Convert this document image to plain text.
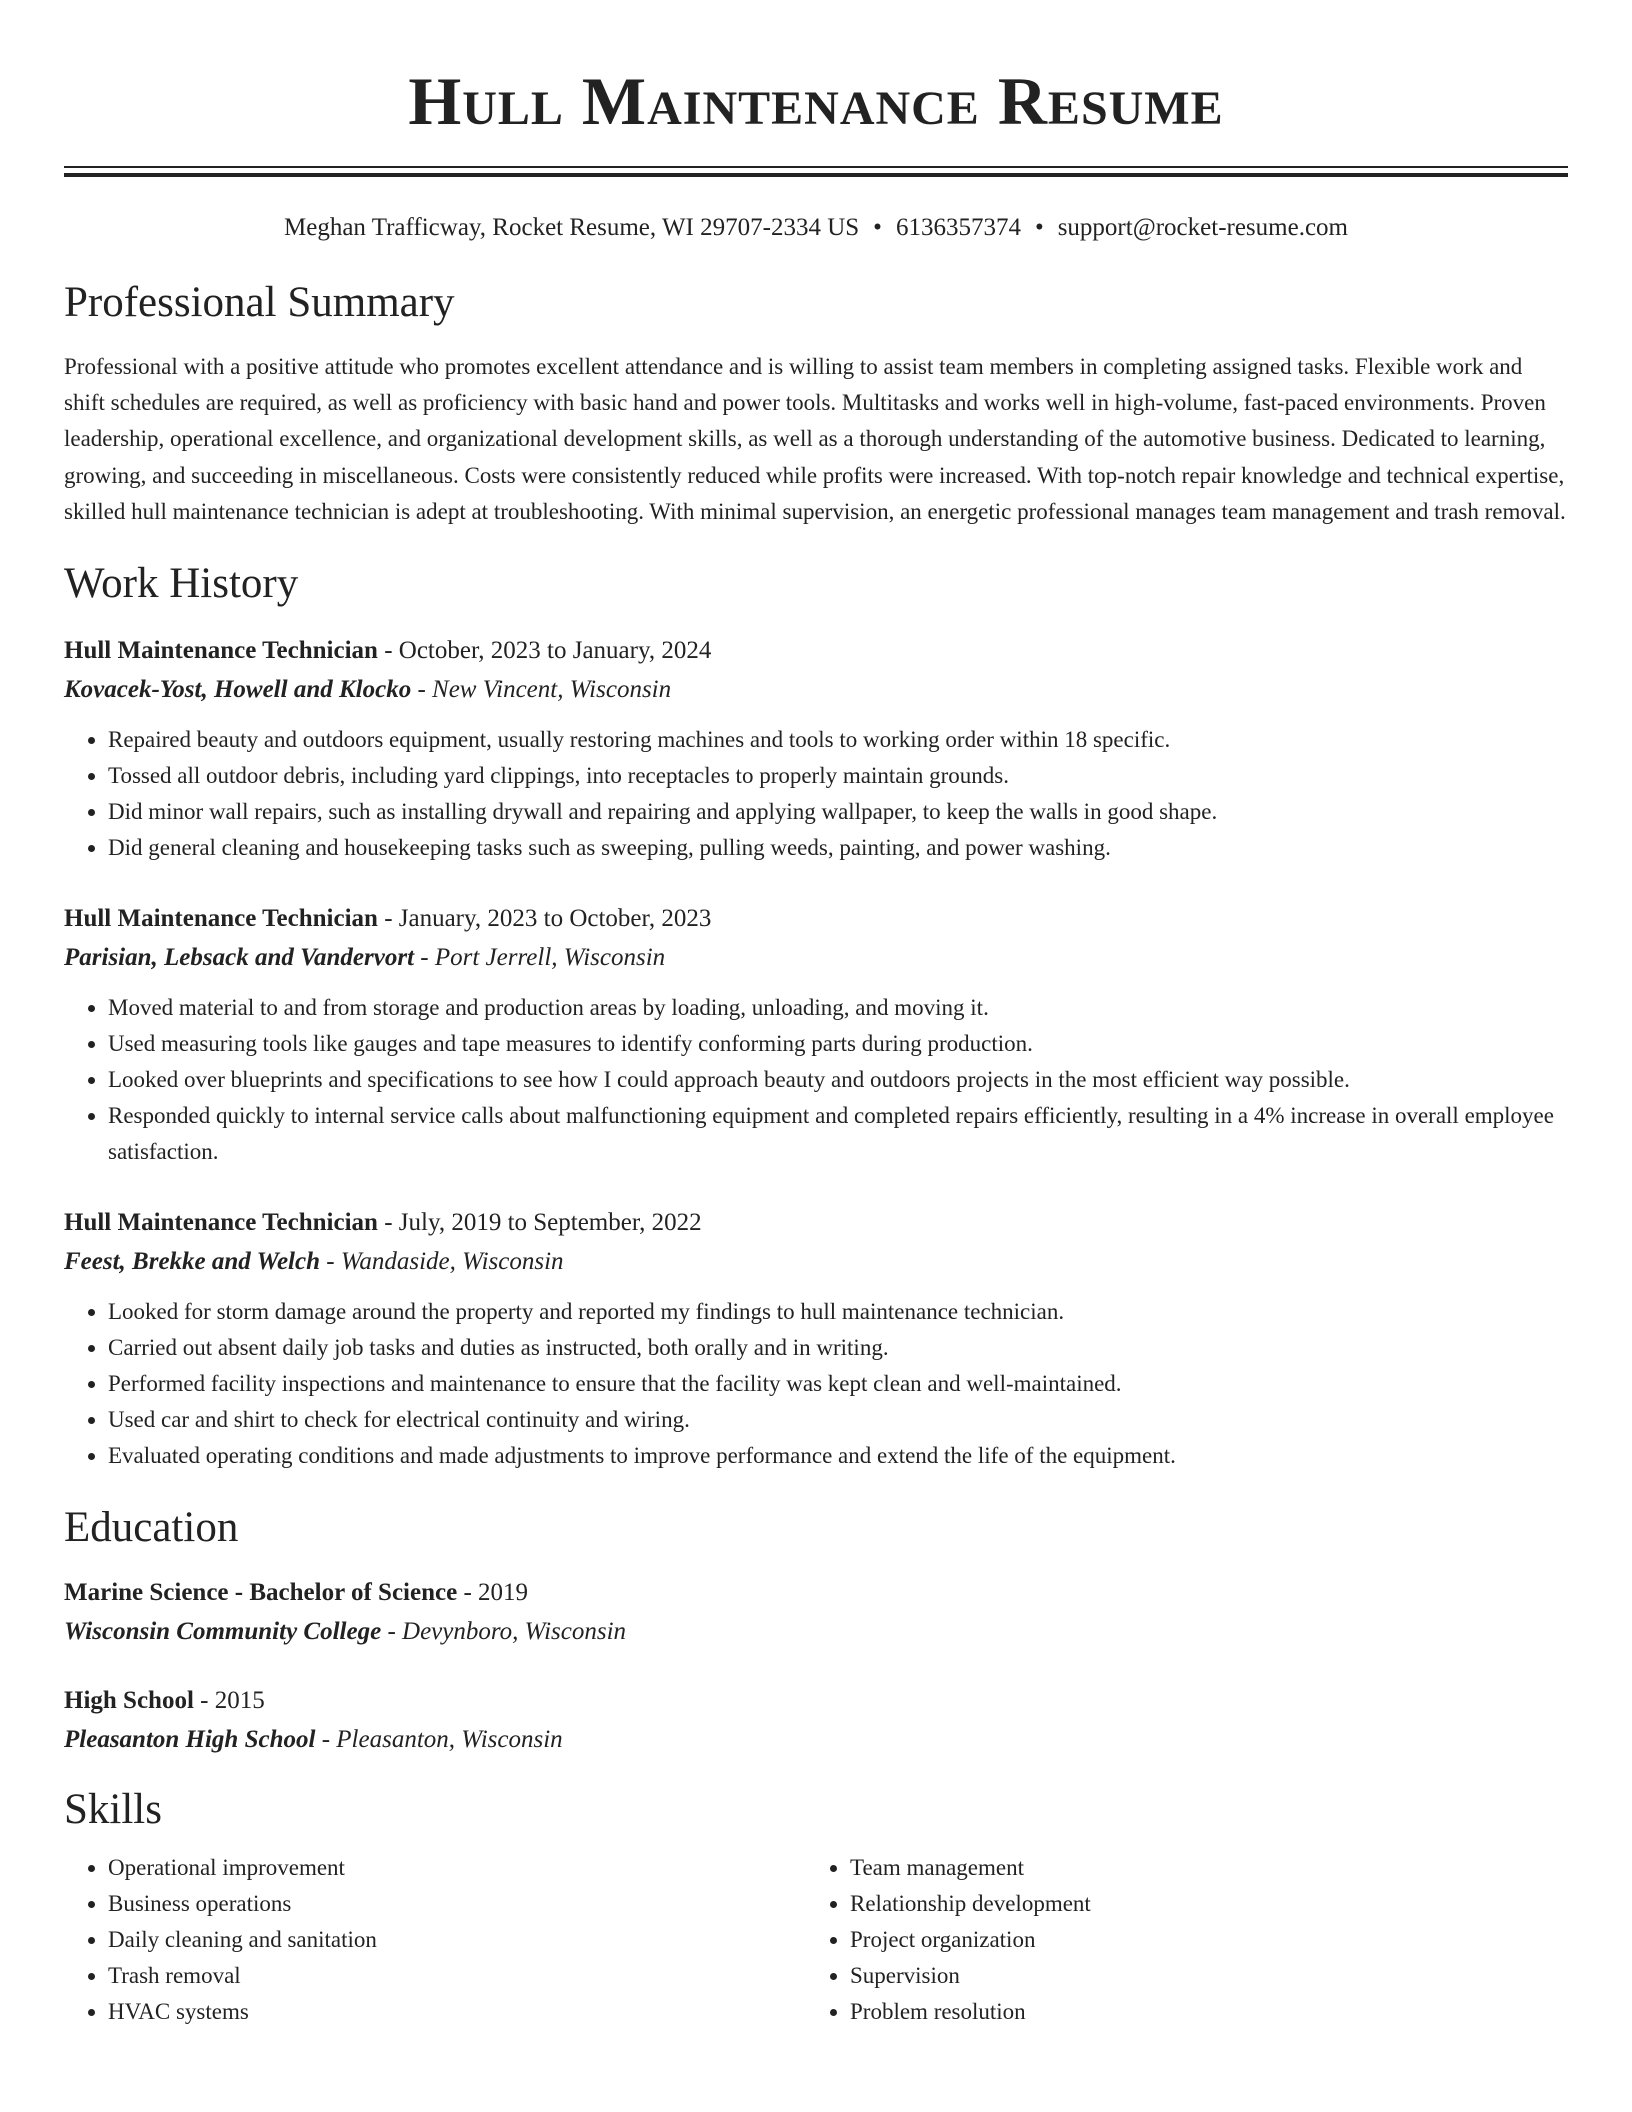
Hull Maintenance Resume
Meghan Trafficway, Rocket Resume, WI 29707-2334 US • 6136357374 • support@rocket-resume.com
Professional Summary
Professional with a positive attitude who promotes excellent attendance and is willing to assist team members in completing assigned tasks. Flexible work and shift schedules are required, as well as proficiency with basic hand and power tools. Multitasks and works well in high-volume, fast-paced environments. Proven leadership, operational excellence, and organizational development skills, as well as a thorough understanding of the automotive business. Dedicated to learning, growing, and succeeding in miscellaneous. Costs were consistently reduced while profits were increased. With top-notch repair knowledge and technical expertise, skilled hull maintenance technician is adept at troubleshooting. With minimal supervision, an energetic professional manages team management and trash removal.
Work History
Hull Maintenance Technician - October, 2023 to January, 2024
Kovacek-Yost, Howell and Klocko - New Vincent, Wisconsin
• Repaired beauty and outdoors equipment, usually restoring machines and tools to working order within 18 specific.
• Tossed all outdoor debris, including yard clippings, into receptacles to properly maintain grounds.
• Did minor wall repairs, such as installing drywall and repairing and applying wallpaper, to keep the walls in good shape.
• Did general cleaning and housekeeping tasks such as sweeping, pulling weeds, painting, and power washing.
Hull Maintenance Technician - January, 2023 to October, 2023
Parisian, Lebsack and Vandervort - Port Jerrell, Wisconsin
• Moved material to and from storage and production areas by loading, unloading, and moving it.
• Used measuring tools like gauges and tape measures to identify conforming parts during production.
• Looked over blueprints and specifications to see how I could approach beauty and outdoors projects in the most efficient way possible.
• Responded quickly to internal service calls about malfunctioning equipment and completed repairs efficiently, resulting in a 4% increase in overall employee satisfaction.
Hull Maintenance Technician - July, 2019 to September, 2022
Feest, Brekke and Welch - Wandaside, Wisconsin
• Looked for storm damage around the property and reported my findings to hull maintenance technician.
• Carried out absent daily job tasks and duties as instructed, both orally and in writing.
• Performed facility inspections and maintenance to ensure that the facility was kept clean and well-maintained.
• Used car and shirt to check for electrical continuity and wiring.
• Evaluated operating conditions and made adjustments to improve performance and extend the life of the equipment.
Education
Marine Science - Bachelor of Science - 2019
Wisconsin Community College - Devynboro, Wisconsin
High School - 2015
Pleasanton High School - Pleasanton, Wisconsin
Skills
• Operational improvement
• Business operations
• Daily cleaning and sanitation
• Trash removal
• HVAC systems
• Team management
• Relationship development
• Project organization
• Supervision
• Problem resolution
